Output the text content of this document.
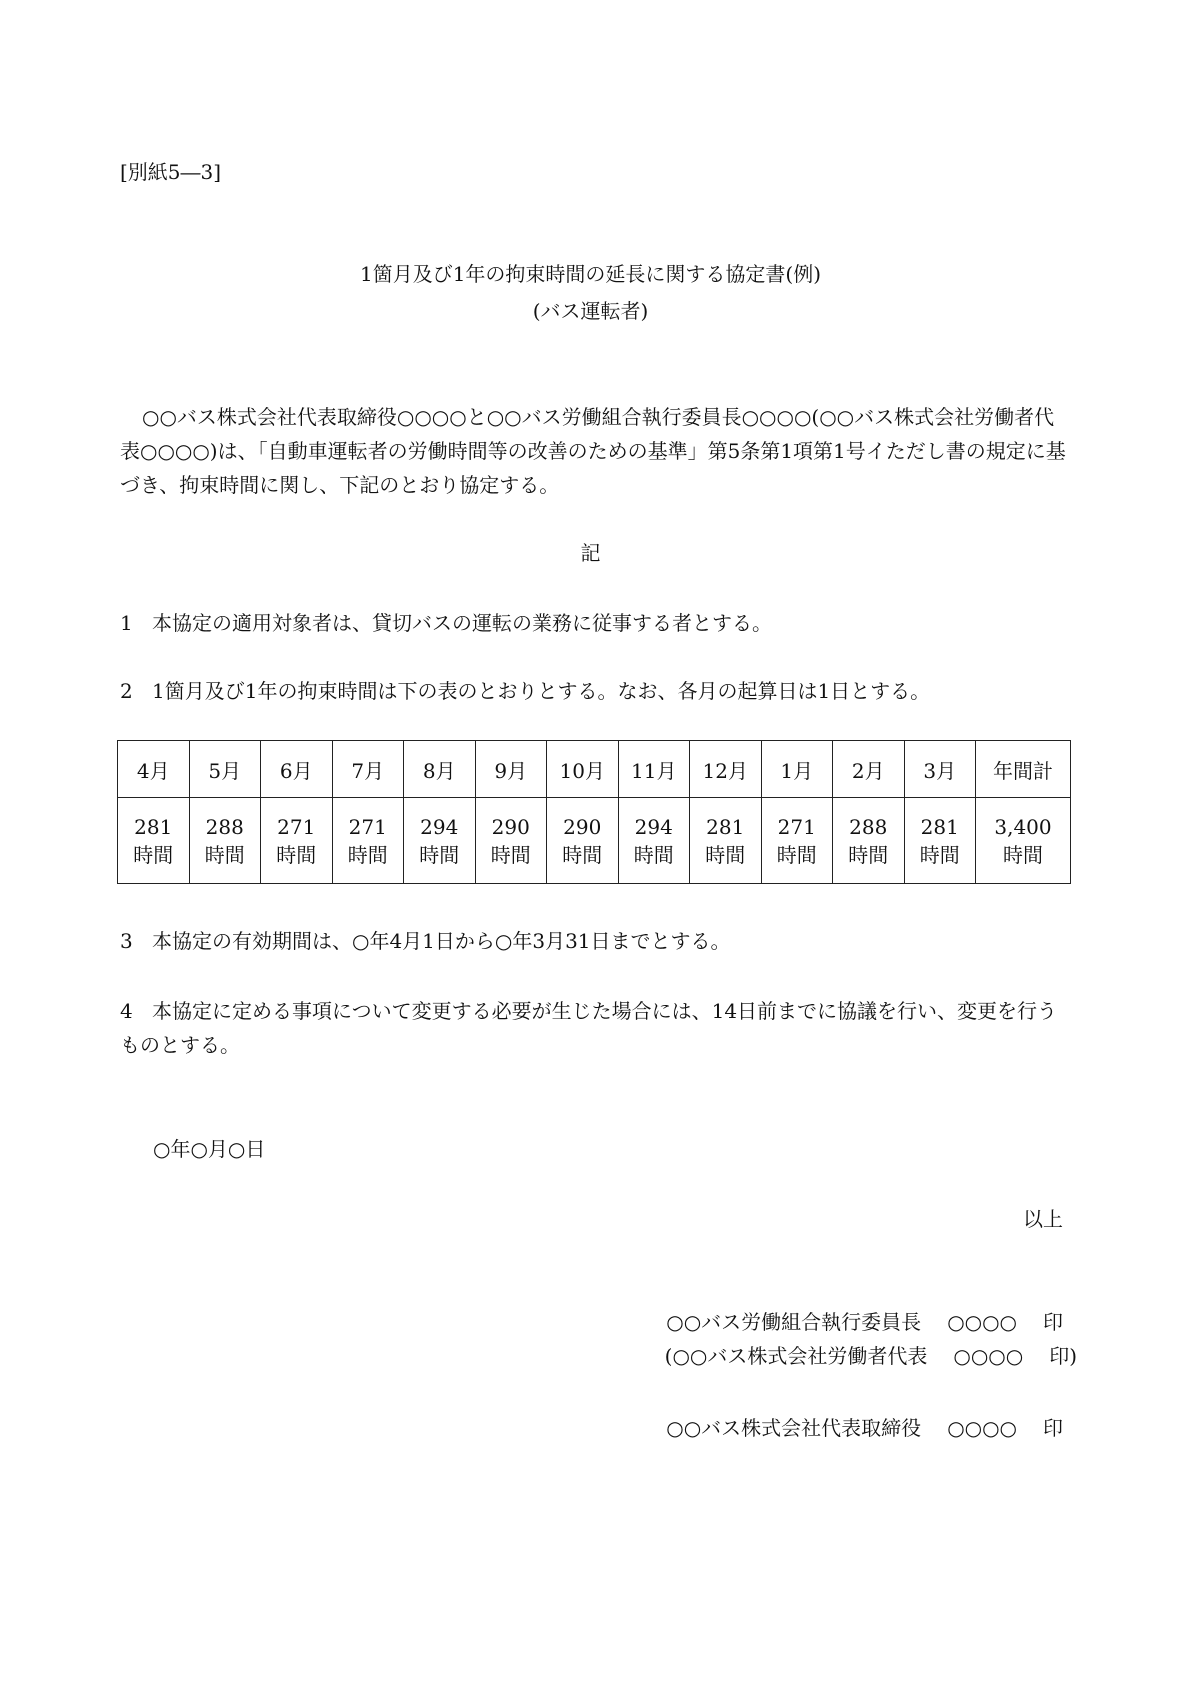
[別紙5―3]
1箇月及び1年の拘束時間の延長に関する協定書(例)
(バス運転者)
○○バス株式会社代表取締役○○○○と○○バス労働組合執行委員長○○○○(○○バス株式会社労働者代表○○○○)は、「自動車運転者の労働時間等の改善のための基準」第5条第1項第1号イただし書の規定に基づき、拘束時間に関し、下記のとおり協定する。
記
1 本協定の適用対象者は、貸切バスの運転の業務に従事する者とする。
2 1箇月及び1年の拘束時間は下の表のとおりとする。なお、各月の起算日は1日とする。
4月	5月	6月	7月	8月	9月	10月	11月	12月	1月	2月	3月	年間計
281
時間	288
時間	271
時間	271
時間	294
時間	290
時間	290
時間	294
時間	281
時間	271
時間	288
時間	281
時間	3,400
時間
3 本協定の有効期間は、○年4月1日から○年3月31日までとする。
4 本協定に定める事項について変更する必要が生じた場合には、14日前までに協議を行い、変更を行うものとする。
○年○月○日
以上
○○バス労働組合執行委員長 ○○○○ 印
(○○バス株式会社労働者代表 ○○○○ 印)
○○バス株式会社代表取締役 ○○○○ 印
